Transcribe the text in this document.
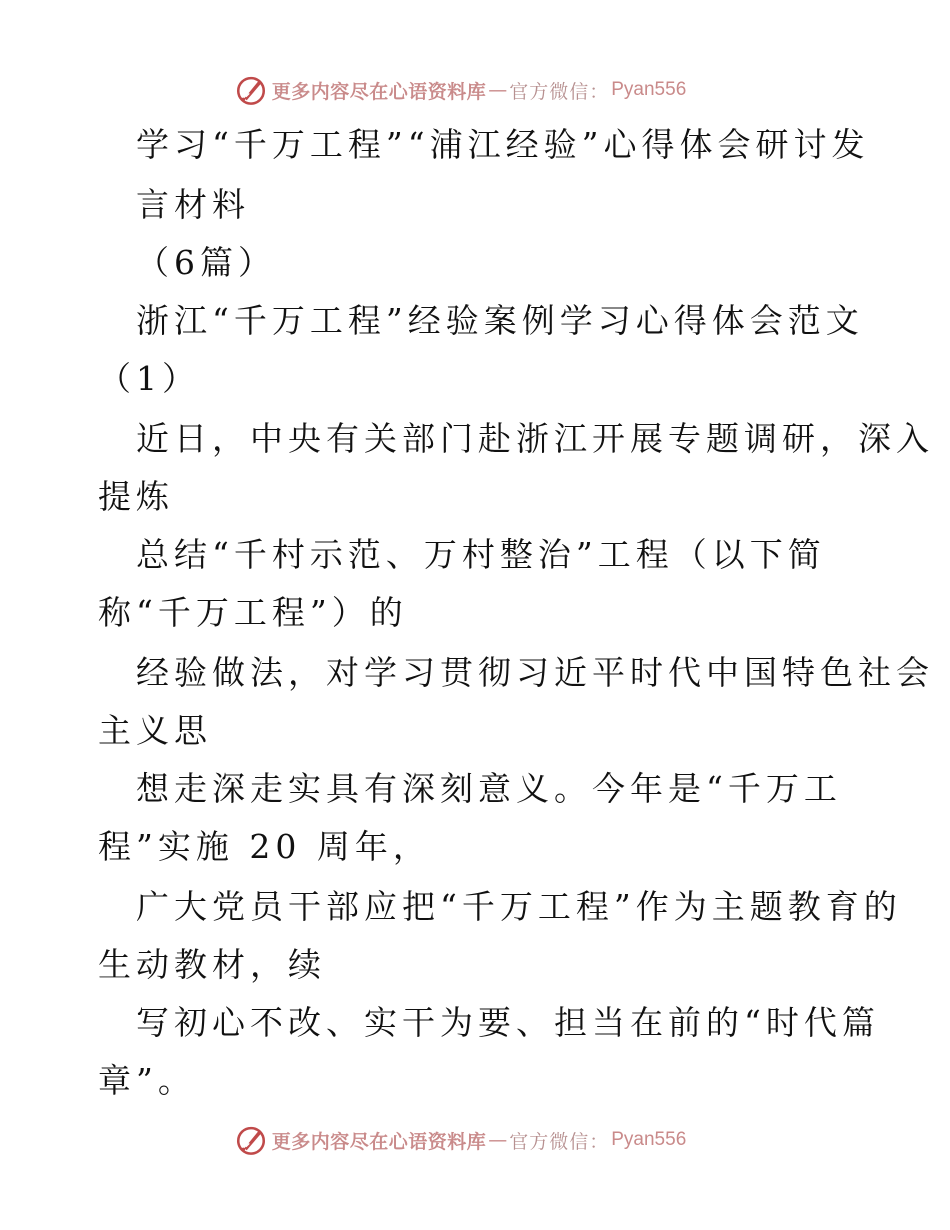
更多内容尽在心语资料库 — 官方微信： Pyan556
学习“千万工程”“浦江经验”心得体会研讨发
言材料
（6篇）
浙江“千万工程”经验案例学习心得体会范文
（1）
近日，中央有关部门赴浙江开展专题调研，深入
提炼
总结“千村示范、万村整治”工程（以下简
称“千万工程”）的
经验做法，对学习贯彻习近平时代中国特色社会
主义思
想走深走实具有深刻意义。今年是“千万工
程”实施 20 周年，
广大党员干部应把“千万工程”作为主题教育的
生动教材，续
写初心不改、实干为要、担当在前的“时代篇
章”。
更多内容尽在心语资料库 — 官方微信： Pyan556
